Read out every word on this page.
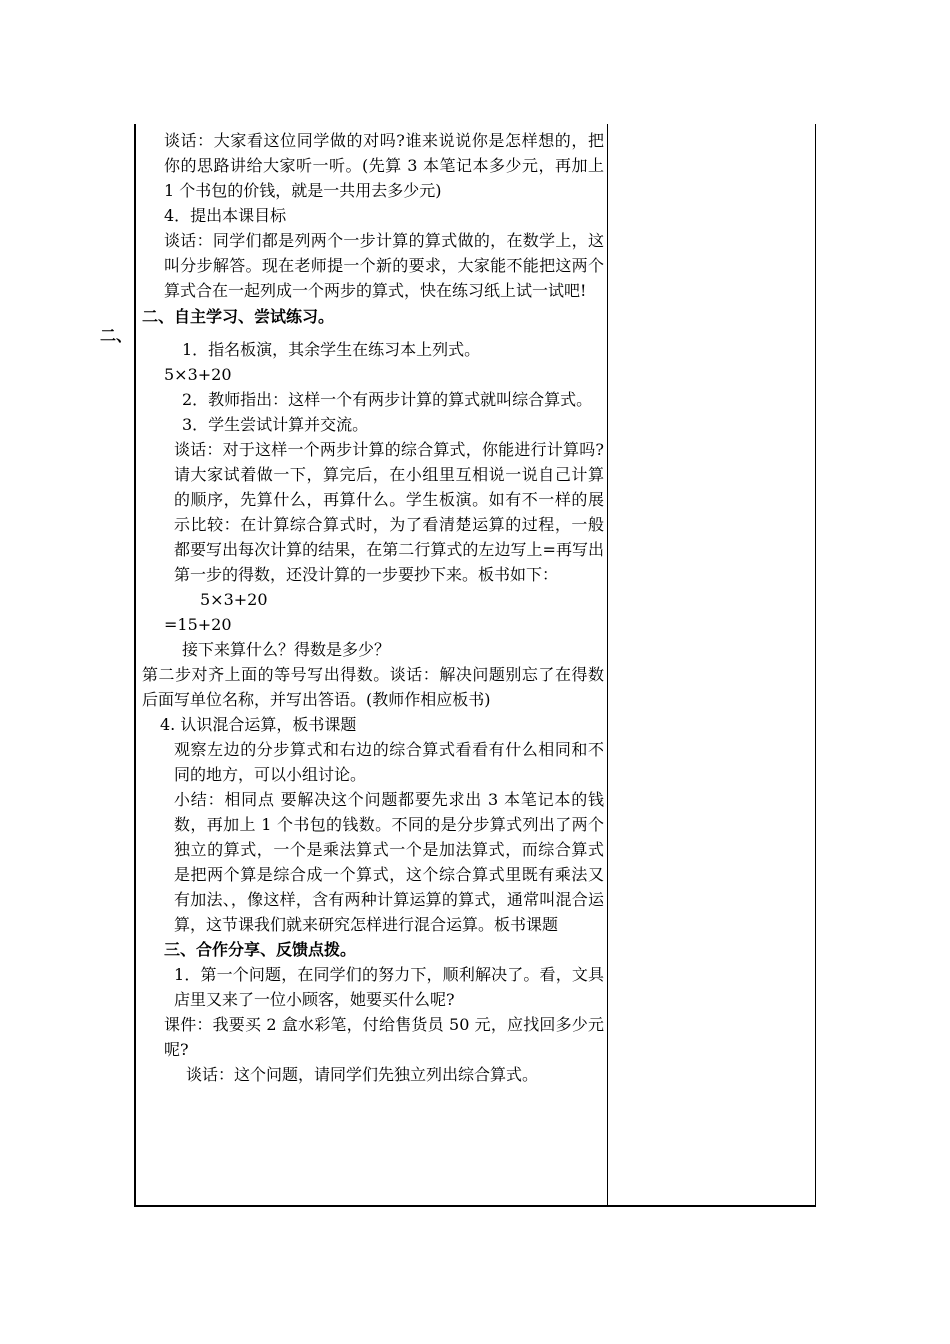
二、

谈话：大家看这位同学做的对吗?谁来说说你是怎样想的，把你的思路讲给大家听一听。(先算 3 本笔记本多少元，再加上 1 个书包的价钱，就是一共用去多少元)

4．提出本课目标

谈话：同学们都是列两个一步计算的算式做的，在数学上，这叫分步解答。现在老师提一个新的要求，大家能不能把这两个算式合在一起列成一个两步的算式，快在练习纸上试一试吧!

二、自主学习、尝试练习。

1．指名板演，其余学生在练习本上列式。

5×3+20

2．教师指出：这样一个有两步计算的算式就叫综合算式。

3．学生尝试计算并交流。

谈话：对于这样一个两步计算的综合算式，你能进行计算吗?请大家试着做一下，算完后，在小组里互相说一说自己计算的顺序，先算什么，再算什么。学生板演。如有不一样的展示比较：在计算综合算式时，为了看清楚运算的过程，一般都要写出每次计算的结果，在第二行算式的左边写上=再写出第一步的得数，还没计算的一步要抄下来。板书如下：

5×3+20

=15+20

接下来算什么？得数是多少？

第二步对齐上面的等号写出得数。谈话：解决问题别忘了在得数后面写单位名称，并写出答语。(教师作相应板书)

4. 认识混合运算，板书课题

观察左边的分步算式和右边的综合算式看看有什么相同和不同的地方，可以小组讨论。

小结：相同点 要解决这个问题都要先求出 3 本笔记本的钱数，再加上 1 个书包的钱数。不同的是分步算式列出了两个独立的算式，一个是乘法算式一个是加法算式，而综合算式是把两个算是综合成一个算式，这个综合算式里既有乘法又有加法、，像这样，含有两种计算运算的算式，通常叫混合运算，这节课我们就来研究怎样进行混合运算。板书课题

三、合作分享、反馈点拨。

1．第一个问题，在同学们的努力下，顺利解决了。看，文具店里又来了一位小顾客，她要买什么呢?

课件：我要买 2 盒水彩笔，付给售货员 50 元，应找回多少元呢?

谈话：这个问题，请同学们先独立列出综合算式。
